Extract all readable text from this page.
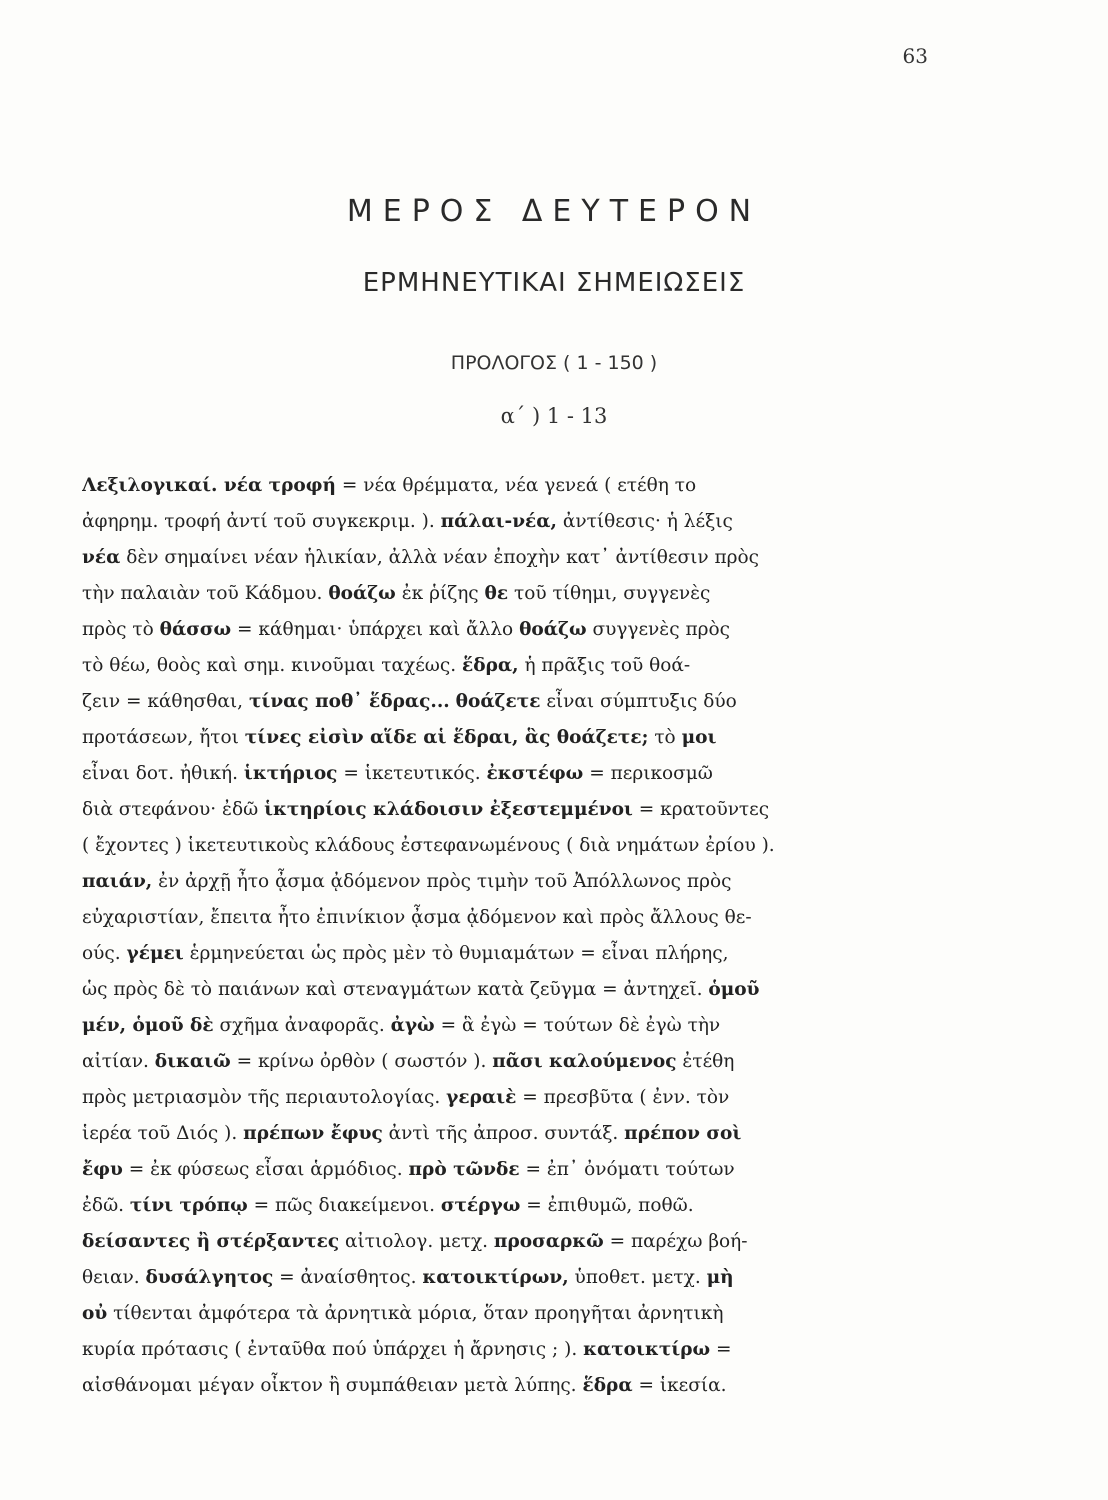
63
ΜΕΡΟΣ ΔΕΥΤΕΡΟΝ
ΕΡΜΗΝΕΥΤΙΚΑΙ ΣΗΜΕΙΩΣΕΙΣ
ΠΡΟΛΟΓΟΣ ( 1 - 150 )
α΄ ) 1 - 13
Λεξιλογικαί. νέα τροφή = νέα θρέμματα, νέα γενεά ( ετέθη το
ἀφηρημ. τροφή ἀντί τοῦ συγκεκριμ. ). πάλαι-νέα, ἀντίθεσις· ἡ λέξις
νέα δὲν σημαίνει νέαν ἡλικίαν, ἀλλὰ νέαν ἐποχὴν κατ᾽ ἀντίθεσιν πρὸς
τὴν παλαιὰν τοῦ Κάδμου. θοάζω ἐκ ῥίζης θε τοῦ τίθημι, συγγενὲς
πρὸς τὸ θάσσω = κάθημαι· ὑπάρχει καὶ ἄλλο θοάζω συγγενὲς πρὸς
τὸ θέω, θοὸς καὶ σημ. κινοῦμαι ταχέως. ἕδρα, ἡ πρᾶξις τοῦ θοά-
ζειν = κάθησθαι, τίνας ποθ᾽ ἕδρας... θοάζετε εἶναι σύμπτυξις δύο
προτάσεων, ἤτοι τίνες εἰσὶν αἵδε αἱ ἕδραι, ἃς θοάζετε; τὸ μοι
εἶναι δοτ. ἠθική. ἱκτήριος = ἱκετευτικός. ἐκστέφω = περικοσμῶ
διὰ στεφάνου· ἐδῶ ἱκτηρίοις κλάδοισιν ἐξεστεμμένοι = κρατοῦντες
( ἔχοντες ) ἱκετευτικοὺς κλάδους ἐστεφανωμένους ( διὰ νημάτων ἐρίου ).
παιάν, ἐν ἀρχῇ ἦτο ᾆσμα ᾀδόμενον πρὸς τιμὴν τοῦ Ἀπόλλωνος πρὸς
εὐχαριστίαν, ἔπειτα ἦτο ἐπινίκιον ᾆσμα ᾀδόμενον καὶ πρὸς ἄλλους θε-
ούς. γέμει ἑρμηνεύεται ὡς πρὸς μὲν τὸ θυμιαμάτων = εἶναι πλήρης,
ὡς πρὸς δὲ τὸ παιάνων καὶ στεναγμάτων κατὰ ζεῦγμα = ἀντηχεῖ. ὁμοῦ
μέν, ὁμοῦ δὲ σχῆμα ἀναφορᾶς. ἀγὼ = ἃ ἐγὼ = τούτων δὲ ἐγὼ τὴν
αἰτίαν. δικαιῶ = κρίνω ὀρθὸν ( σωστόν ). πᾶσι καλούμενος ἐτέθη
πρὸς μετριασμὸν τῆς περιαυτολογίας. γεραιὲ = πρεσβῦτα ( ἐνν. τὸν
ἱερέα τοῦ Διός ). πρέπων ἔφυς ἀντὶ τῆς ἀπροσ. συντάξ. πρέπον σοὶ
ἔφυ = ἐκ φύσεως εἶσαι ἁρμόδιος. πρὸ τῶνδε = ἐπ᾽ ὀνόματι τούτων
ἐδῶ. τίνι τρόπῳ = πῶς διακείμενοι. στέργω = ἐπιθυμῶ, ποθῶ.
δείσαντες ἢ στέρξαντες αἰτιολογ. μετχ. προσαρκῶ = παρέχω βοή-
θειαν. δυσάλγητος = ἀναίσθητος. κατοικτίρων, ὑποθετ. μετχ. μὴ
οὐ τίθενται ἀμφότερα τὰ ἀρνητικὰ μόρια, ὅταν προηγῆται ἀρνητικὴ
κυρία πρότασις ( ἐνταῦθα πού ὑπάρχει ἡ ἄρνησις ; ). κατοικτίρω =
αἰσθάνομαι μέγαν οἶκτον ἢ συμπάθειαν μετὰ λύπης. ἕδρα = ἱκεσία.
